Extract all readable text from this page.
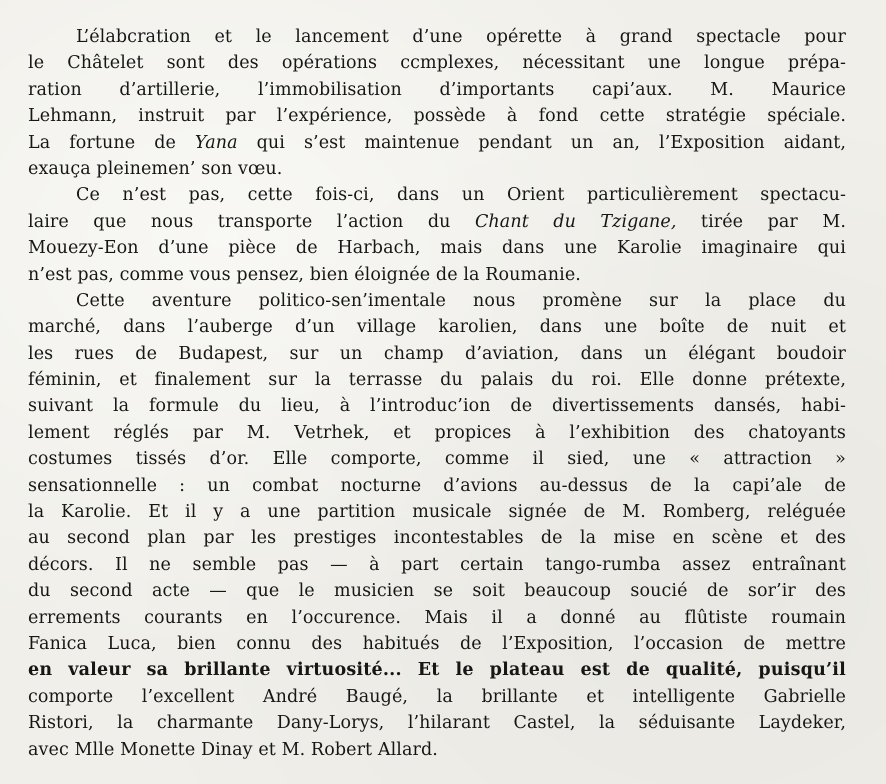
L’élabcration et le lancement d’une opérette à grand spectacle pour
le Châtelet sont des opérations ccmplexes, nécessitant une longue prépa-
ration d’artillerie, l’immobilisation d’importants capi’aux. M. Maurice
Lehmann, instruit par l’expérience, possède à fond cette stratégie spéciale.
La fortune de Yana qui s’est maintenue pendant un an, l’Exposition aidant,
exauça pleinemen’ son vœu.
Ce n’est pas, cette fois-ci, dans un Orient particulièrement spectacu-
laire que nous transporte l’action du Chant du Tzigane, tirée par M.
Mouezy-Eon d’une pièce de Harbach, mais dans une Karolie imaginaire qui
n’est pas, comme vous pensez, bien éloignée de la Roumanie.
Cette aventure politico-sen’imentale nous promène sur la place du
marché, dans l’auberge d’un village karolien, dans une boîte de nuit et
les rues de Budapest, sur un champ d’aviation, dans un élégant boudoir
féminin, et finalement sur la terrasse du palais du roi. Elle donne prétexte,
suivant la formule du lieu, à l’introduc’ion de divertissements dansés, habi-
lement réglés par M. Vetrhek, et propices à l’exhibition des chatoyants
costumes tissés d’or. Elle comporte, comme il sied, une « attraction »
sensationnelle : un combat nocturne d’avions au-dessus de la capi’ale de
la Karolie. Et il y a une partition musicale signée de M. Romberg, reléguée
au second plan par les prestiges incontestables de la mise en scène et des
décors. Il ne semble pas — à part certain tango-rumba assez entraînant
du second acte — que le musicien se soit beaucoup soucié de sor’ir des
errements courants en l’occurence. Mais il a donné au flûtiste roumain
Fanica Luca, bien connu des habitués de l’Exposition, l’occasion de mettre
en valeur sa brillante virtuosité... Et le plateau est de qualité, puisqu’il
comporte l’excellent André Baugé, la brillante et intelligente Gabrielle
Ristori, la charmante Dany-Lorys, l’hilarant Castel, la séduisante Laydeker,
avec Mlle Monette Dinay et M. Robert Allard.
